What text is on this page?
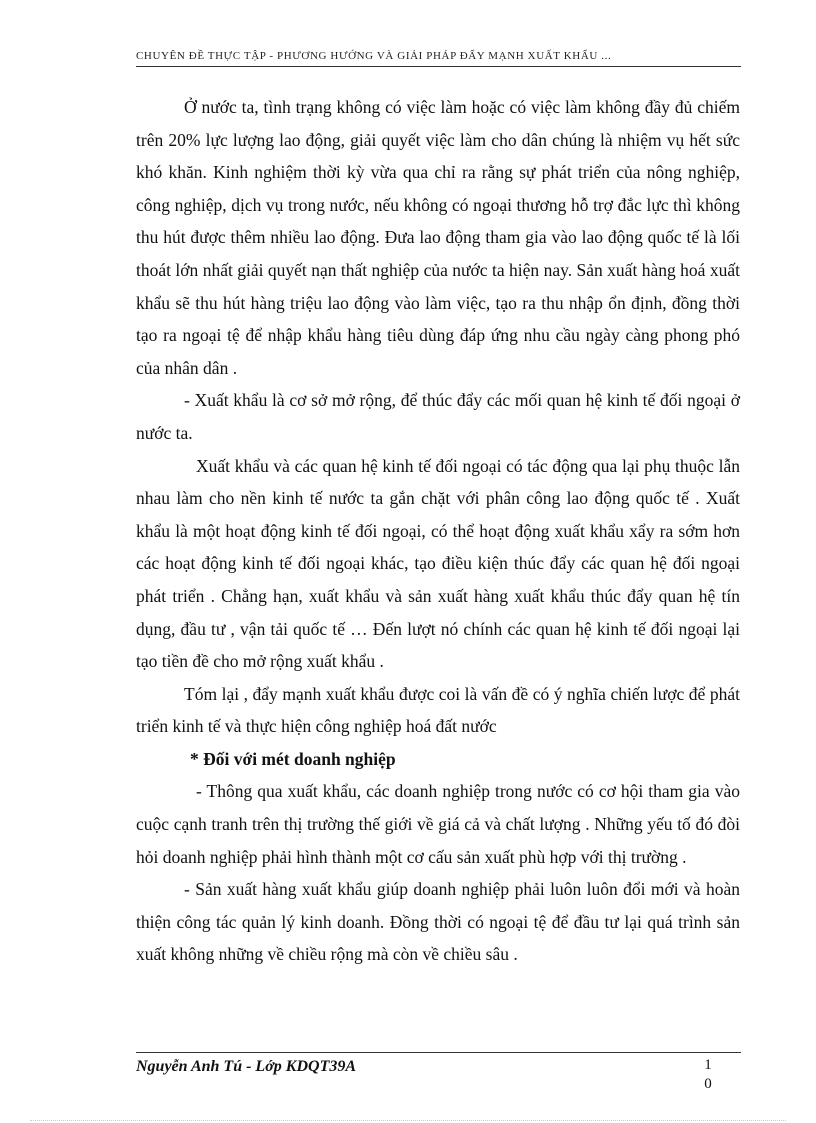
CHUYÊN ĐỀ THỰC TẬP - PHƯƠNG HƯỚNG VÀ GIẢI PHÁP ĐẨY MẠNH XUẤT KHẨU ...

Ở nước ta, tình trạng không có việc làm hoặc có việc làm không đầy đủ chiếm trên 20% lực lượng lao động, giải quyết việc làm cho dân chúng là nhiệm vụ hết sức khó khăn. Kinh nghiệm thời kỳ vừa qua chỉ ra rằng sự phát triển của nông nghiệp, công nghiệp, dịch vụ trong nước, nếu không có ngoại thương hỗ trợ đắc lực thì không thu hút được thêm nhiều lao động. Đưa lao động tham gia vào lao động quốc tế là lối thoát lớn nhất giải quyết nạn thất nghiệp của nước ta hiện nay. Sản xuất hàng hoá xuất khẩu sẽ thu hút hàng triệu lao động vào làm việc, tạo ra thu nhập ổn định, đồng thời tạo ra ngoại tệ để nhập khẩu hàng tiêu dùng đáp ứng nhu cầu ngày càng phong phó của nhân dân .

- Xuất khẩu là cơ sở mở rộng, để thúc đẩy các mối quan hệ kinh tế đối ngoại ở nước ta.

Xuất khẩu và các quan hệ kinh tế đối ngoại có tác động qua lại phụ thuộc lẫn nhau làm cho nền kinh tế nước ta gắn chặt với phân công lao động quốc tế . Xuất khẩu là một hoạt động kinh tế đối ngoại, có thể hoạt động xuất khẩu xẩy ra sớm hơn các hoạt động kinh tế đối ngoại khác, tạo điều kiện thúc đẩy các quan hệ đối ngoại phát triển . Chẳng hạn, xuất khẩu và sản xuất hàng xuất khẩu thúc đẩy quan hệ tín dụng, đầu tư , vận tải quốc tế … Đến lượt nó chính các quan hệ kinh tế đối ngoại lại tạo tiền đề cho mở rộng xuất khẩu .

Tóm lại , đẩy mạnh xuất khẩu được coi là vấn đề có ý nghĩa chiến lược để phát triển kinh tế và thực hiện công nghiệp hoá đất nước

* Đối với mét doanh nghiệp

- Thông qua xuất khẩu, các doanh nghiệp trong nước có cơ hội tham gia vào cuộc cạnh tranh trên thị trường thế giới về giá cả và chất lượng . Những yếu tố đó đòi hỏi doanh nghiệp phải hình thành một cơ cấu sản xuất phù hợp với thị trường .

- Sản xuất hàng xuất khẩu giúp doanh nghiệp phải luôn luôn đổi mới và hoàn thiện công tác quản lý kinh doanh. Đồng thời có ngoại tệ để đầu tư lại quá trình sản xuất không những về chiều rộng mà còn về chiều sâu .

Nguyễn Anh Tú - Lớp KDQT39A	10
